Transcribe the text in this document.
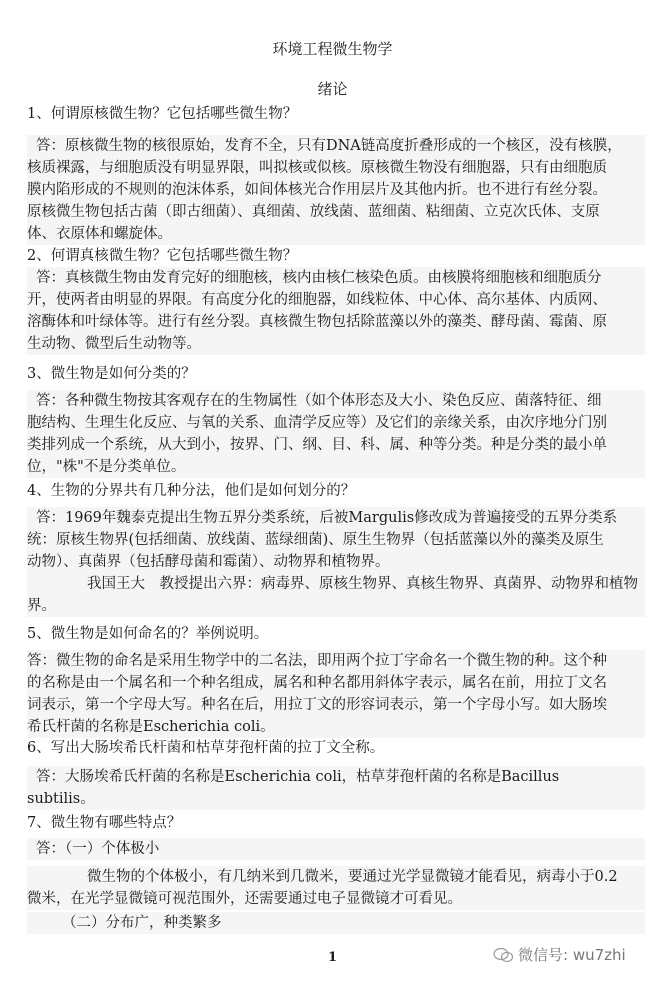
环境工程微生物学
绪论
1、何谓原核微生物？它包括哪些微生物？
答：原核微生物的核很原始，发育不全，只有DNA链高度折叠形成的一个核区，没有核膜，
核质裸露，与细胞质没有明显界限，叫拟核或似核。原核微生物没有细胞器，只有由细胞质
膜内陷形成的不规则的泡沫体系，如间体核光合作用层片及其他内折。也不进行有丝分裂。
原核微生物包括古菌（即古细菌）、真细菌、放线菌、蓝细菌、粘细菌、立克次氏体、支原
体、衣原体和螺旋体。
2、何谓真核微生物？它包括哪些微生物？
答：真核微生物由发育完好的细胞核，核内由核仁核染色质。由核膜将细胞核和细胞质分
开，使两者由明显的界限。有高度分化的细胞器，如线粒体、中心体、高尔基体、内质网、
溶酶体和叶绿体等。进行有丝分裂。真核微生物包括除蓝藻以外的藻类、酵母菌、霉菌、原
生动物、微型后生动物等。
3、微生物是如何分类的？
答：各种微生物按其客观存在的生物属性（如个体形态及大小、染色反应、菌落特征、细
胞结构、生理生化反应、与氧的关系、血清学反应等）及它们的亲缘关系，由次序地分门别
类排列成一个系统，从大到小，按界、门、纲、目、科、属、种等分类。种是分类的最小单
位，"株"不是分类单位。
4、生物的分界共有几种分法，他们是如何划分的？
答：1969年魏泰克提出生物五界分类系统，后被Margulis修改成为普遍接受的五界分类系
统：原核生物界(包括细菌、放线菌、蓝绿细菌)、原生生物界（包括蓝藻以外的藻类及原生
动物）、真菌界（包括酵母菌和霉菌）、动物界和植物界。
我国王大　教授提出六界：病毒界、原核生物界、真核生物界、真菌界、动物界和植物
界。
5、微生物是如何命名的？举例说明。
答：微生物的命名是采用生物学中的二名法，即用两个拉丁字命名一个微生物的种。这个种
的名称是由一个属名和一个种名组成，属名和种名都用斜体字表示，属名在前，用拉丁文名
词表示，第一个字母大写。种名在后，用拉丁文的形容词表示，第一个字母小写。如大肠埃
希氏杆菌的名称是Escherichia coli。
6、写出大肠埃希氏杆菌和枯草芽孢杆菌的拉丁文全称。
答：大肠埃希氏杆菌的名称是Escherichia coli，枯草芽孢杆菌的名称是Bacillus
subtilis。
7、微生物有哪些特点？
答：（一）个体极小
微生物的个体极小，有几纳米到几微米，要通过光学显微镜才能看见，病毒小于0.2
微米，在光学显微镜可视范围外，还需要通过电子显微镜才可看见。
（二）分布广，种类繁多
1	微信号: wu7zhi
